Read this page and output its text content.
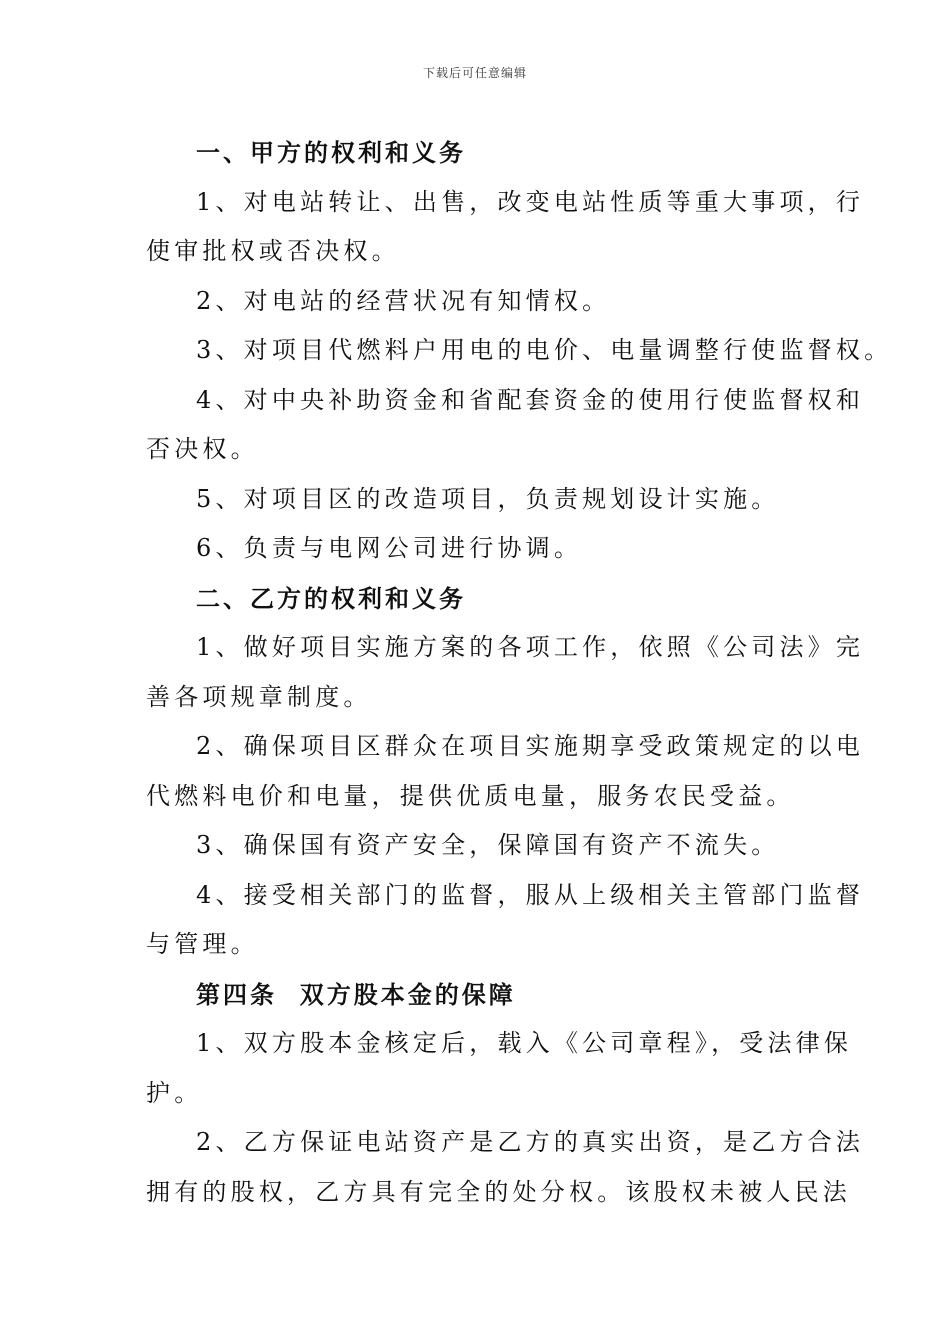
下载后可任意编辑
一、甲方的权利和义务
1、对电站转让、出售，改变电站性质等重大事项，行
使审批权或否决权。
2、对电站的经营状况有知情权。
3、对项目代燃料户用电的电价、电量调整行使监督权。
4、对中央补助资金和省配套资金的使用行使监督权和
否决权。
5、对项目区的改造项目，负责规划设计实施。
6、负责与电网公司进行协调。
二、乙方的权利和义务
1、做好项目实施方案的各项工作，依照《公司法》完
善各项规章制度。
2、确保项目区群众在项目实施期享受政策规定的以电
代燃料电价和电量，提供优质电量，服务农民受益。
3、确保国有资产安全，保障国有资产不流失。
4、接受相关部门的监督，服从上级相关主管部门监督
与管理。
第四条  双方股本金的保障
1、双方股本金核定后，载入《公司章程》，受法律保
护。
2、乙方保证电站资产是乙方的真实出资，是乙方合法
拥有的股权，乙方具有完全的处分权。该股权未被人民法
